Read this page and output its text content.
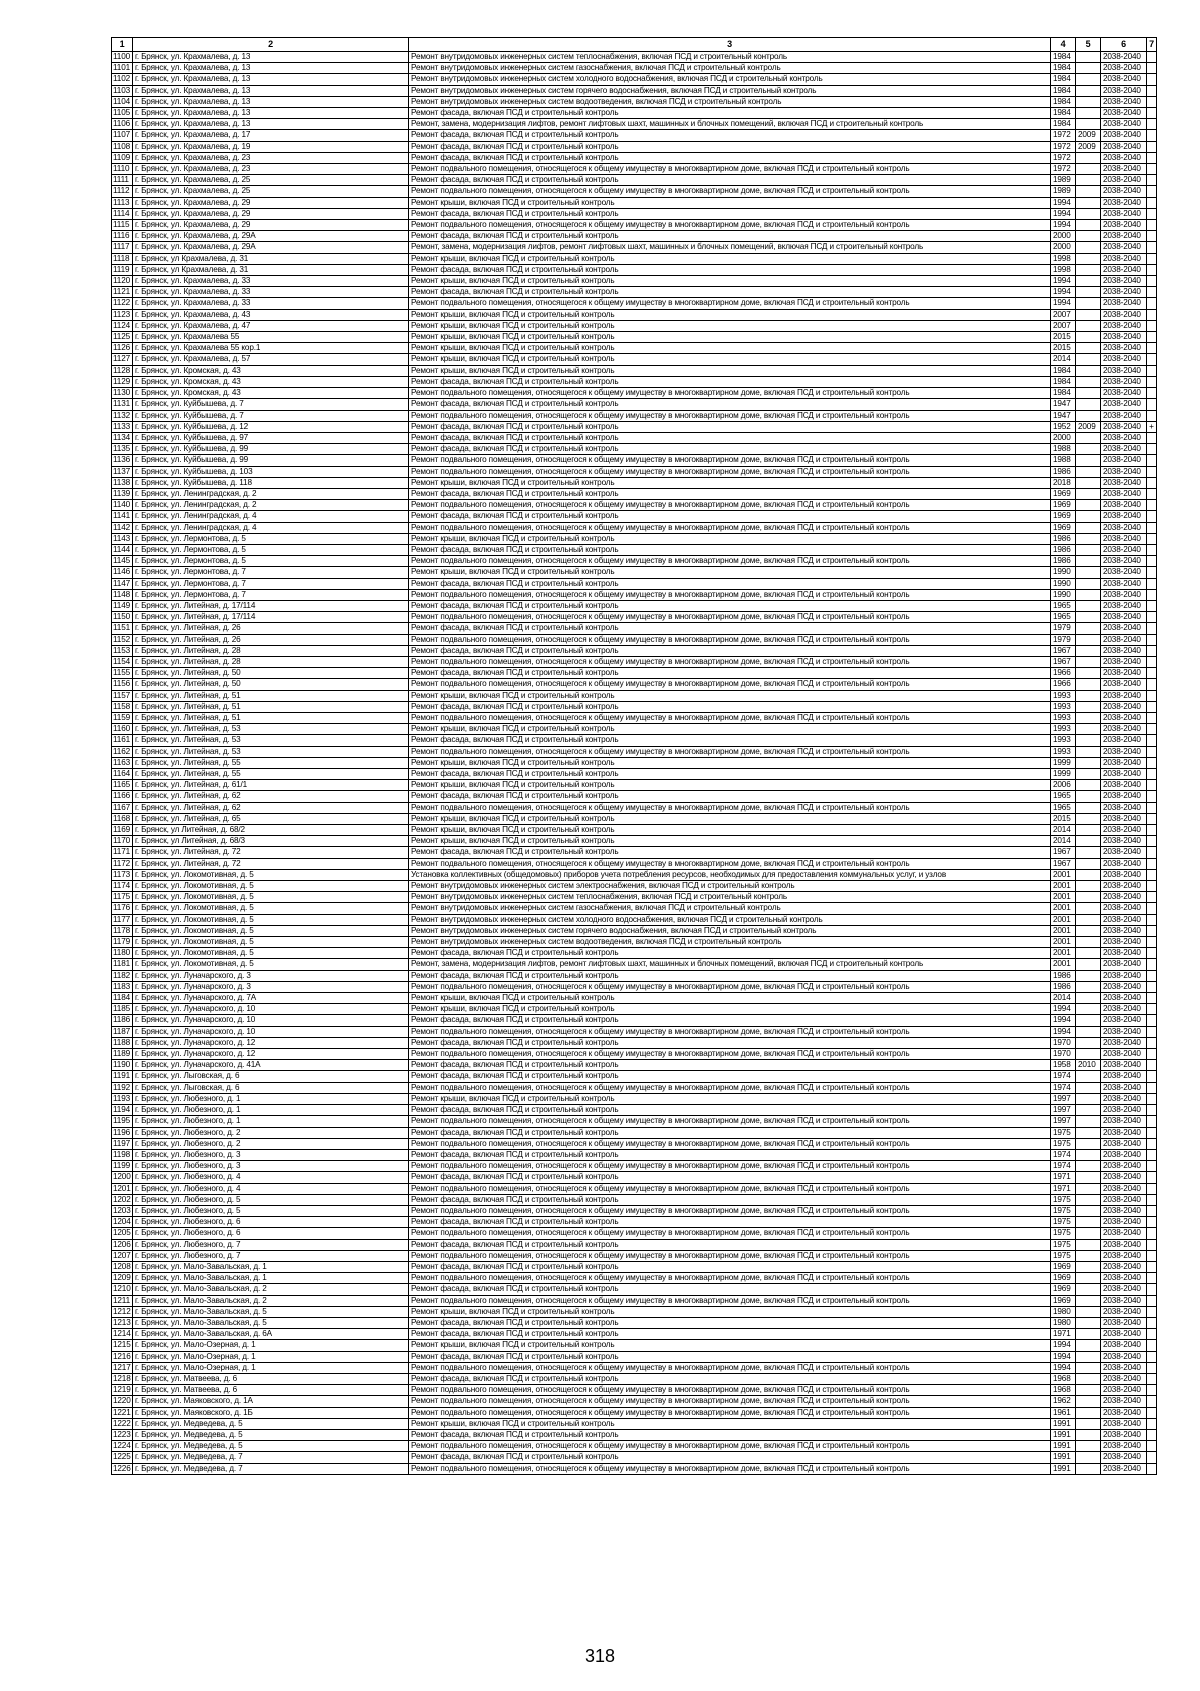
1	2	3	4	5	6	7
1100	г. Брянск, ул. Крахмалева, д. 13	Ремонт внутридомовых инженерных систем теплоснабжения, включая ПСД и строительный контроль	1984		2038-2040	
1101	г. Брянск, ул. Крахмалева, д. 13	Ремонт внутридомовых инженерных систем газоснабжения, включая ПСД и строительный контроль	1984		2038-2040	
1102	г. Брянск, ул. Крахмалева, д. 13	Ремонт внутридомовых инженерных систем холодного водоснабжения, включая ПСД и строительный контроль	1984		2038-2040	
1103	г. Брянск, ул. Крахмалева, д. 13	Ремонт внутридомовых инженерных систем горячего водоснабжения, включая ПСД и строительный контроль	1984		2038-2040	
1104	г. Брянск, ул. Крахмалева, д. 13	Ремонт внутридомовых инженерных систем водоотведения, включая ПСД и строительный контроль	1984		2038-2040	
1105	г. Брянск, ул. Крахмалева, д. 13	Ремонт фасада, включая ПСД и строительный контроль	1984		2038-2040	
1106	г. Брянск, ул. Крахмалева, д. 13	Ремонт, замена, модернизация лифтов, ремонт лифтовых шахт, машинных и блочных помещений, включая ПСД и строительный контроль	1984		2038-2040	
1107	г. Брянск, ул. Крахмалева, д. 17	Ремонт фасада, включая ПСД и строительный контроль	1972	2009	2038-2040	
1108	г. Брянск, ул. Крахмалева, д. 19	Ремонт фасада, включая ПСД и строительный контроль	1972	2009	2038-2040	
1109	г. Брянск, ул. Крахмалева, д. 23	Ремонт фасада, включая ПСД и строительный контроль	1972		2038-2040	
1110	г. Брянск, ул. Крахмалева, д. 23	Ремонт подвального помещения, относящегося к общему имуществу в многоквартирном доме, включая ПСД и строительный контроль	1972		2038-2040	
1111	г. Брянск, ул. Крахмалева, д. 25	Ремонт фасада, включая ПСД и строительный контроль	1989		2038-2040	
1112	г. Брянск, ул. Крахмалева, д. 25	Ремонт подвального помещения, относящегося к общему имуществу в многоквартирном доме, включая ПСД и строительный контроль	1989		2038-2040	
1113	г. Брянск, ул. Крахмалева, д. 29	Ремонт крыши, включая ПСД и строительный контроль	1994		2038-2040	
1114	г. Брянск, ул. Крахмалева, д. 29	Ремонт фасада, включая ПСД и строительный контроль	1994		2038-2040	
1115	г. Брянск, ул. Крахмалева, д. 29	Ремонт подвального помещения, относящегося к общему имуществу в многоквартирном доме, включая ПСД и строительный контроль	1994		2038-2040	
1116	г. Брянск, ул. Крахмалева, д. 29А	Ремонт фасада, включая ПСД и строительный контроль	2000		2038-2040	
1117	г. Брянск, ул. Крахмалева, д. 29А	Ремонт, замена, модернизация лифтов, ремонт лифтовых шахт, машинных и блочных помещений, включая ПСД и строительный контроль	2000		2038-2040	
1118	г. Брянск, ул Крахмалева, д. 31	Ремонт крыши, включая ПСД и строительный контроль	1998		2038-2040	
1119	г. Брянск, ул Крахмалева, д. 31	Ремонт фасада, включая ПСД и строительный контроль	1998		2038-2040	
1120	г. Брянск, ул. Крахмалева, д. 33	Ремонт крыши, включая ПСД и строительный контроль	1994		2038-2040	
1121	г. Брянск, ул. Крахмалева, д. 33	Ремонт фасада, включая ПСД и строительный контроль	1994		2038-2040	
1122	г. Брянск, ул. Крахмалева, д. 33	Ремонт подвального помещения, относящегося к общему имуществу в многоквартирном доме, включая ПСД и строительный контроль	1994		2038-2040	
1123	г. Брянск, ул. Крахмалева, д. 43	Ремонт крыши, включая ПСД и строительный контроль	2007		2038-2040	
1124	г. Брянск, ул. Крахмалева, д. 47	Ремонт крыши, включая ПСД и строительный контроль	2007		2038-2040	
1125	г. Брянск, ул. Крахмалева 55	Ремонт крыши, включая ПСД и строительный контроль	2015		2038-2040	
1126	г. Брянск, ул. Крахмалева 55 кор.1	Ремонт крыши, включая ПСД и строительный контроль	2015		2038-2040	
1127	г. Брянск, ул. Крахмалева, д. 57	Ремонт крыши, включая ПСД и строительный контроль	2014		2038-2040	
1128	г. Брянск, ул. Кромская, д. 43	Ремонт крыши, включая ПСД и строительный контроль	1984		2038-2040	
1129	г. Брянск, ул. Кромская, д. 43	Ремонт фасада, включая ПСД и строительный контроль	1984		2038-2040	
1130	г. Брянск, ул. Кромская, д. 43	Ремонт подвального помещения, относящегося к общему имуществу в многоквартирном доме, включая ПСД и строительный контроль	1984		2038-2040	
1131	г. Брянск, ул. Куйбышева, д. 7	Ремонт фасада, включая ПСД и строительный контроль	1947		2038-2040	
1132	г. Брянск, ул. Куйбышева, д. 7	Ремонт подвального помещения, относящегося к общему имуществу в многоквартирном доме, включая ПСД и строительный контроль	1947		2038-2040	
1133	г. Брянск, ул. Куйбышева, д. 12	Ремонт фасада, включая ПСД и строительный контроль	1952	2009	2038-2040	+
1134	г. Брянск, ул. Куйбышева, д. 97	Ремонт фасада, включая ПСД и строительный контроль	2000		2038-2040	
1135	г. Брянск, ул. Куйбышева, д. 99	Ремонт фасада, включая ПСД и строительный контроль	1988		2038-2040	
1136	г. Брянск, ул. Куйбышева, д. 99	Ремонт подвального помещения, относящегося к общему имуществу в многоквартирном доме, включая ПСД и строительный контроль	1988		2038-2040	
1137	г. Брянск, ул. Куйбышева, д. 103	Ремонт подвального помещения, относящегося к общему имуществу в многоквартирном доме, включая ПСД и строительный контроль	1986		2038-2040	
1138	г. Брянск, ул. Куйбышева, д. 118	Ремонт крыши, включая ПСД и строительный контроль	2018		2038-2040	
1139	г. Брянск, ул. Ленинградская, д. 2	Ремонт фасада, включая ПСД и строительный контроль	1969		2038-2040	
1140	г. Брянск, ул. Ленинградская, д. 2	Ремонт подвального помещения, относящегося к общему имуществу в многоквартирном доме, включая ПСД и строительный контроль	1969		2038-2040	
1141	г. Брянск, ул. Ленинградская, д. 4	Ремонт фасада, включая ПСД и строительный контроль	1969		2038-2040	
1142	г. Брянск, ул. Ленинградская, д. 4	Ремонт подвального помещения, относящегося к общему имуществу в многоквартирном доме, включая ПСД и строительный контроль	1969		2038-2040	
1143	г. Брянск, ул. Лермонтова, д. 5	Ремонт крыши, включая ПСД и строительный контроль	1986		2038-2040	
1144	г. Брянск, ул. Лермонтова, д. 5	Ремонт фасада, включая ПСД и строительный контроль	1986		2038-2040	
1145	г. Брянск, ул. Лермонтова, д. 5	Ремонт подвального помещения, относящегося к общему имуществу в многоквартирном доме, включая ПСД и строительный контроль	1986		2038-2040	
1146	г. Брянск, ул. Лермонтова, д. 7	Ремонт крыши, включая ПСД и строительный контроль	1990		2038-2040	
1147	г. Брянск, ул. Лермонтова, д. 7	Ремонт фасада, включая ПСД и строительный контроль	1990		2038-2040	
1148	г. Брянск, ул. Лермонтова, д. 7	Ремонт подвального помещения, относящегося к общему имуществу в многоквартирном доме, включая ПСД и строительный контроль	1990		2038-2040	
1149	г. Брянск, ул. Литейная, д. 17/114	Ремонт фасада, включая ПСД и строительный контроль	1965		2038-2040	
1150	г. Брянск, ул. Литейная, д. 17/114	Ремонт подвального помещения, относящегося к общему имуществу в многоквартирном доме, включая ПСД и строительный контроль	1965		2038-2040	
1151	г. Брянск, ул. Литейная, д. 26	Ремонт фасада, включая ПСД и строительный контроль	1979		2038-2040	
1152	г. Брянск, ул. Литейная, д. 26	Ремонт подвального помещения, относящегося к общему имуществу в многоквартирном доме, включая ПСД и строительный контроль	1979		2038-2040	
1153	г. Брянск, ул. Литейная, д. 28	Ремонт фасада, включая ПСД и строительный контроль	1967		2038-2040	
1154	г. Брянск, ул. Литейная, д. 28	Ремонт подвального помещения, относящегося к общему имуществу в многоквартирном доме, включая ПСД и строительный контроль	1967		2038-2040	
1155	г. Брянск, ул. Литейная, д. 50	Ремонт фасада, включая ПСД и строительный контроль	1966		2038-2040	
1156	г. Брянск, ул. Литейная, д. 50	Ремонт подвального помещения, относящегося к общему имуществу в многоквартирном доме, включая ПСД и строительный контроль	1966		2038-2040	
1157	г. Брянск, ул. Литейная, д. 51	Ремонт крыши, включая ПСД и строительный контроль	1993		2038-2040	
1158	г. Брянск, ул. Литейная, д. 51	Ремонт фасада, включая ПСД и строительный контроль	1993		2038-2040	
1159	г. Брянск, ул. Литейная, д. 51	Ремонт подвального помещения, относящегося к общему имуществу в многоквартирном доме, включая ПСД и строительный контроль	1993		2038-2040	
1160	г. Брянск, ул. Литейная, д. 53	Ремонт крыши, включая ПСД и строительный контроль	1993		2038-2040	
1161	г. Брянск, ул. Литейная, д. 53	Ремонт фасада, включая ПСД и строительный контроль	1993		2038-2040	
1162	г. Брянск, ул. Литейная, д. 53	Ремонт подвального помещения, относящегося к общему имуществу в многоквартирном доме, включая ПСД и строительный контроль	1993		2038-2040	
1163	г. Брянск, ул. Литейная, д. 55	Ремонт крыши, включая ПСД и строительный контроль	1999		2038-2040	
1164	г. Брянск, ул. Литейная, д. 55	Ремонт фасада, включая ПСД и строительный контроль	1999		2038-2040	
1165	г. Брянск, ул. Литейная, д. 61/1	Ремонт крыши, включая ПСД и строительный контроль	2006		2038-2040	
1166	г. Брянск, ул. Литейная, д. 62	Ремонт фасада, включая ПСД и строительный контроль	1965		2038-2040	
1167	г. Брянск, ул. Литейная, д. 62	Ремонт подвального помещения, относящегося к общему имуществу в многоквартирном доме, включая ПСД и строительный контроль	1965		2038-2040	
1168	г. Брянск, ул. Литейная, д. 65	Ремонт крыши, включая ПСД и строительный контроль	2015		2038-2040	
1169	г. Брянск, ул Литейная, д. 68/2	Ремонт крыши, включая ПСД и строительный контроль	2014		2038-2040	
1170	г. Брянск, ул Литейная, д. 68/3	Ремонт крыши, включая ПСД и строительный контроль	2014		2038-2040	
1171	г. Брянск, ул. Литейная, д. 72	Ремонт фасада, включая ПСД и строительный контроль	1967		2038-2040	
1172	г. Брянск, ул. Литейная, д. 72	Ремонт подвального помещения, относящегося к общему имуществу в многоквартирном доме, включая ПСД и строительный контроль	1967		2038-2040	
1173	г. Брянск, ул. Локомотивная, д. 5	Установка коллективных (общедомовых) приборов учета потребления ресурсов, необходимых для предоставления коммунальных услуг, и узлов	2001		2038-2040	
1174	г. Брянск, ул. Локомотивная, д. 5	Ремонт внутридомовых инженерных систем электроснабжения, включая ПСД и строительный контроль	2001		2038-2040	
1175	г. Брянск, ул. Локомотивная, д. 5	Ремонт внутридомовых инженерных систем теплоснабжения, включая ПСД и строительный контроль	2001		2038-2040	
1176	г. Брянск, ул. Локомотивная, д. 5	Ремонт внутридомовых инженерных систем газоснабжения, включая ПСД и строительный контроль	2001		2038-2040	
1177	г. Брянск, ул. Локомотивная, д. 5	Ремонт внутридомовых инженерных систем холодного водоснабжения, включая ПСД и строительный контроль	2001		2038-2040	
1178	г. Брянск, ул. Локомотивная, д. 5	Ремонт внутридомовых инженерных систем горячего водоснабжения, включая ПСД и строительный контроль	2001		2038-2040	
1179	г. Брянск, ул. Локомотивная, д. 5	Ремонт внутридомовых инженерных систем водоотведения, включая ПСД и строительный контроль	2001		2038-2040	
1180	г. Брянск, ул. Локомотивная, д. 5	Ремонт фасада, включая ПСД и строительный контроль	2001		2038-2040	
1181	г. Брянск, ул. Локомотивная, д. 5	Ремонт, замена, модернизация лифтов, ремонт лифтовых шахт, машинных и блочных помещений, включая ПСД и строительный контроль	2001		2038-2040	
1182	г. Брянск, ул. Луначарского, д. 3	Ремонт фасада, включая ПСД и строительный контроль	1986		2038-2040	
1183	г. Брянск, ул. Луначарского, д. 3	Ремонт подвального помещения, относящегося к общему имуществу в многоквартирном доме, включая ПСД и строительный контроль	1986		2038-2040	
1184	г. Брянск, ул. Луначарского, д. 7А	Ремонт крыши, включая ПСД и строительный контроль	2014		2038-2040	
1185	г. Брянск, ул. Луначарского, д. 10	Ремонт крыши, включая ПСД и строительный контроль	1994		2038-2040	
1186	г. Брянск, ул. Луначарского, д. 10	Ремонт фасада, включая ПСД и строительный контроль	1994		2038-2040	
1187	г. Брянск, ул. Луначарского, д. 10	Ремонт подвального помещения, относящегося к общему имуществу в многоквартирном доме, включая ПСД и строительный контроль	1994		2038-2040	
1188	г. Брянск, ул. Луначарского, д. 12	Ремонт фасада, включая ПСД и строительный контроль	1970		2038-2040	
1189	г. Брянск, ул. Луначарского, д. 12	Ремонт подвального помещения, относящегося к общему имуществу в многоквартирном доме, включая ПСД и строительный контроль	1970		2038-2040	
1190	г. Брянск, ул. Луначарского, д. 41А	Ремонт фасада, включая ПСД и строительный контроль	1958	2010	2038-2040	
1191	г. Брянск, ул. Лыговская, д. 6	Ремонт фасада, включая ПСД и строительный контроль	1974		2038-2040	
1192	г. Брянск, ул. Лыговская, д. 6	Ремонт подвального помещения, относящегося к общему имуществу в многоквартирном доме, включая ПСД и строительный контроль	1974		2038-2040	
1193	г. Брянск, ул. Любезного, д. 1	Ремонт крыши, включая ПСД и строительный контроль	1997		2038-2040	
1194	г. Брянск, ул. Любезного, д. 1	Ремонт фасада, включая ПСД и строительный контроль	1997		2038-2040	
1195	г. Брянск, ул. Любезного, д. 1	Ремонт подвального помещения, относящегося к общему имуществу в многоквартирном доме, включая ПСД и строительный контроль	1997		2038-2040	
1196	г. Брянск, ул. Любезного, д. 2	Ремонт фасада, включая ПСД и строительный контроль	1975		2038-2040	
1197	г. Брянск, ул. Любезного, д. 2	Ремонт подвального помещения, относящегося к общему имуществу в многоквартирном доме, включая ПСД и строительный контроль	1975		2038-2040	
1198	г. Брянск, ул. Любезного, д. 3	Ремонт фасада, включая ПСД и строительный контроль	1974		2038-2040	
1199	г. Брянск, ул. Любезного, д. 3	Ремонт подвального помещения, относящегося к общему имуществу в многоквартирном доме, включая ПСД и строительный контроль	1974		2038-2040	
1200	г. Брянск, ул. Любезного, д. 4	Ремонт фасада, включая ПСД и строительный контроль	1971		2038-2040	
1201	г. Брянск, ул. Любезного, д. 4	Ремонт подвального помещения, относящегося к общему имуществу в многоквартирном доме, включая ПСД и строительный контроль	1971		2038-2040	
1202	г. Брянск, ул. Любезного, д. 5	Ремонт фасада, включая ПСД и строительный контроль	1975		2038-2040	
1203	г. Брянск, ул. Любезного, д. 5	Ремонт подвального помещения, относящегося к общему имуществу в многоквартирном доме, включая ПСД и строительный контроль	1975		2038-2040	
1204	г. Брянск, ул. Любезного, д. 6	Ремонт фасада, включая ПСД и строительный контроль	1975		2038-2040	
1205	г. Брянск, ул. Любезного, д. 6	Ремонт подвального помещения, относящегося к общему имуществу в многоквартирном доме, включая ПСД и строительный контроль	1975		2038-2040	
1206	г. Брянск, ул. Любезного, д. 7	Ремонт фасада, включая ПСД и строительный контроль	1975		2038-2040	
1207	г. Брянск, ул. Любезного, д. 7	Ремонт подвального помещения, относящегося к общему имуществу в многоквартирном доме, включая ПСД и строительный контроль	1975		2038-2040	
1208	г. Брянск, ул. Мало-Завальская, д. 1	Ремонт фасада, включая ПСД и строительный контроль	1969		2038-2040	
1209	г. Брянск, ул. Мало-Завальская, д. 1	Ремонт подвального помещения, относящегося к общему имуществу в многоквартирном доме, включая ПСД и строительный контроль	1969		2038-2040	
1210	г. Брянск, ул. Мало-Завальская, д. 2	Ремонт фасада, включая ПСД и строительный контроль	1969		2038-2040	
1211	г. Брянск, ул. Мало-Завальская, д. 2	Ремонт подвального помещения, относящегося к общему имуществу в многоквартирном доме, включая ПСД и строительный контроль	1969		2038-2040	
1212	г. Брянск, ул. Мало-Завальская, д. 5	Ремонт крыши, включая ПСД и строительный контроль	1980		2038-2040	
1213	г. Брянск, ул. Мало-Завальская, д. 5	Ремонт фасада, включая ПСД и строительный контроль	1980		2038-2040	
1214	г. Брянск, ул. Мало-Завальская, д. 6А	Ремонт фасада, включая ПСД и строительный контроль	1971		2038-2040	
1215	г. Брянск, ул. Мало-Озерная, д. 1	Ремонт крыши, включая ПСД и строительный контроль	1994		2038-2040	
1216	г. Брянск, ул. Мало-Озерная, д. 1	Ремонт фасада, включая ПСД и строительный контроль	1994		2038-2040	
1217	г. Брянск, ул. Мало-Озерная, д. 1	Ремонт подвального помещения, относящегося к общему имуществу в многоквартирном доме, включая ПСД и строительный контроль	1994		2038-2040	
1218	г. Брянск, ул. Матвеева, д. 6	Ремонт фасада, включая ПСД и строительный контроль	1968		2038-2040	
1219	г. Брянск, ул. Матвеева, д. 6	Ремонт подвального помещения, относящегося к общему имуществу в многоквартирном доме, включая ПСД и строительный контроль	1968		2038-2040	
1220	г. Брянск, ул. Маяковского, д. 1А	Ремонт подвального помещения, относящегося к общему имуществу в многоквартирном доме, включая ПСД и строительный контроль	1962		2038-2040	
1221	г. Брянск, ул. Маяковского, д. 1Б	Ремонт подвального помещения, относящегося к общему имуществу в многоквартирном доме, включая ПСД и строительный контроль	1961		2038-2040	
1222	г. Брянск, ул. Медведева, д. 5	Ремонт крыши, включая ПСД и строительный контроль	1991		2038-2040	
1223	г. Брянск, ул. Медведева, д. 5	Ремонт фасада, включая ПСД и строительный контроль	1991		2038-2040	
1224	г. Брянск, ул. Медведева, д. 5	Ремонт подвального помещения, относящегося к общему имуществу в многоквартирном доме, включая ПСД и строительный контроль	1991		2038-2040	
1225	г. Брянск, ул. Медведева, д. 7	Ремонт фасада, включая ПСД и строительный контроль	1991		2038-2040	
1226	г. Брянск, ул. Медведева, д. 7	Ремонт подвального помещения, относящегося к общему имуществу в многоквартирном доме, включая ПСД и строительный контроль	1991		2038-2040	
318
